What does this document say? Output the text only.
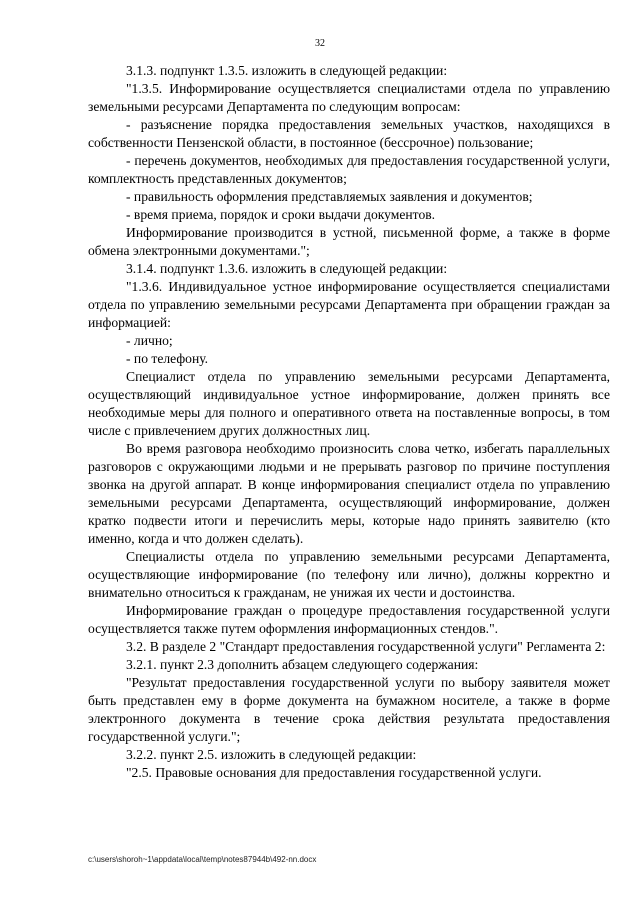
32

3.1.3. подпункт 1.3.5. изложить в следующей редакции:

"1.3.5. Информирование осуществляется специалистами отдела по управлению земельными ресурсами Департамента по следующим вопросам:

- разъяснение порядка предоставления земельных участков, находящихся в собственности Пензенской области, в постоянное (бессрочное) пользование;

- перечень документов, необходимых для предоставления государственной услуги, комплектность представленных документов;

- правильность оформления представляемых заявления и документов;

- время приема, порядок и сроки выдачи документов.

Информирование производится в устной, письменной форме, а также в форме обмена электронными документами.";

3.1.4. подпункт 1.3.6. изложить в следующей редакции:

"1.3.6. Индивидуальное устное информирование осуществляется специалистами отдела по управлению земельными ресурсами Департамента при обращении граждан за информацией:

- лично;

- по телефону.

Специалист отдела по управлению земельными ресурсами Департамента, осуществляющий индивидуальное устное информирование, должен принять все необходимые меры для полного и оперативного ответа на поставленные вопросы, в том числе с привлечением других должностных лиц.

Во время разговора необходимо произносить слова четко, избегать параллельных разговоров с окружающими людьми и не прерывать разговор по причине поступления звонка на другой аппарат. В конце информирования специалист отдела по управлению земельными ресурсами Департамента, осуществляющий информирование, должен кратко подвести итоги и перечислить меры, которые надо принять заявителю (кто именно, когда и что должен сделать).

Специалисты отдела по управлению земельными ресурсами Департамента, осуществляющие информирование (по телефону или лично), должны корректно и внимательно относиться к гражданам, не унижая их чести и достоинства.

Информирование граждан о процедуре предоставления государственной услуги осуществляется также путем оформления информационных стендов.".

3.2. В разделе 2 "Стандарт предоставления государственной услуги" Регламента 2:

3.2.1. пункт 2.3 дополнить абзацем следующего содержания:

"Результат предоставления государственной услуги по выбору заявителя может быть представлен ему в форме документа на бумажном носителе, а также в форме электронного документа в течение срока действия результата предоставления государственной услуги.";

3.2.2. пункт 2.5. изложить в следующей редакции:

"2.5. Правовые основания для предоставления государственной услуги.

c:\users\shoroh~1\appdata\local\temp\notes87944b\492-nn.docx
